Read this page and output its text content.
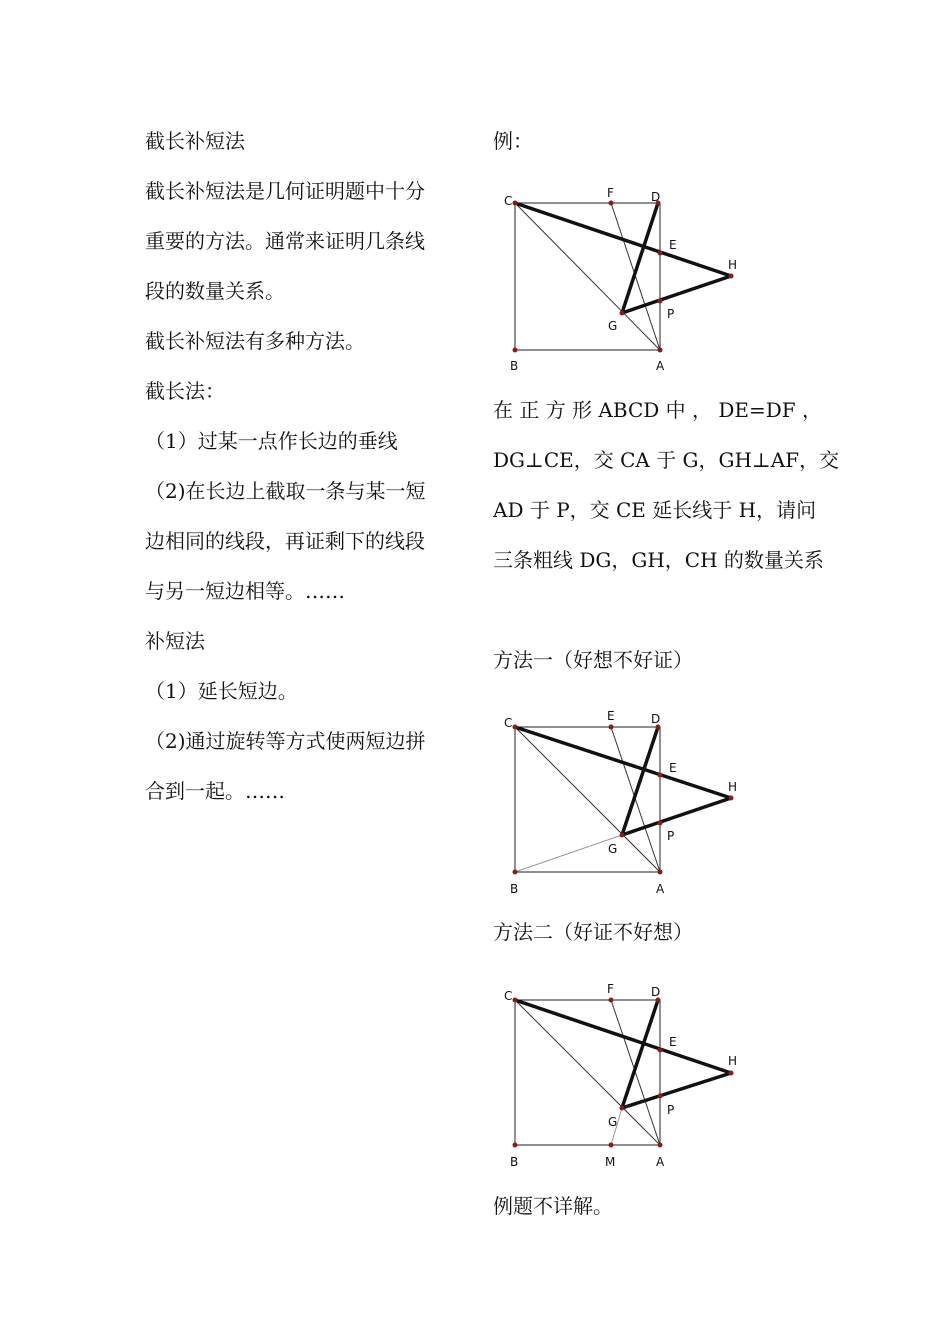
截长补短法

截长补短法是几何证明题中十分

重要的方法。通常来证明几条线

段的数量关系。

截长补短法有多种方法。

截长法：

（1）过某一点作长边的垂线

（2)在长边上截取一条与某一短

边相同的线段，再证剩下的线段

与另一短边相等。……

补短法

（1）延长短边。

（2)通过旋转等方式使两短边拼

合到一起。……

例：

在 正 方 形 ABCD 中 ， DE=DF ，

DG⊥CE，交 CA 于 G，GH⊥AF，交

AD 于 P，交 CE 延长线于 H，请问

三条粗线 DG，GH，CH 的数量关系

方法一（好想不好证）

方法二（好证不好想）

例题不详解。

C
F	D
E
H
P
G
B	A
C	E	D
E
H
P
G
B	A
C	F	D
E
H
P
G
B	M	A
